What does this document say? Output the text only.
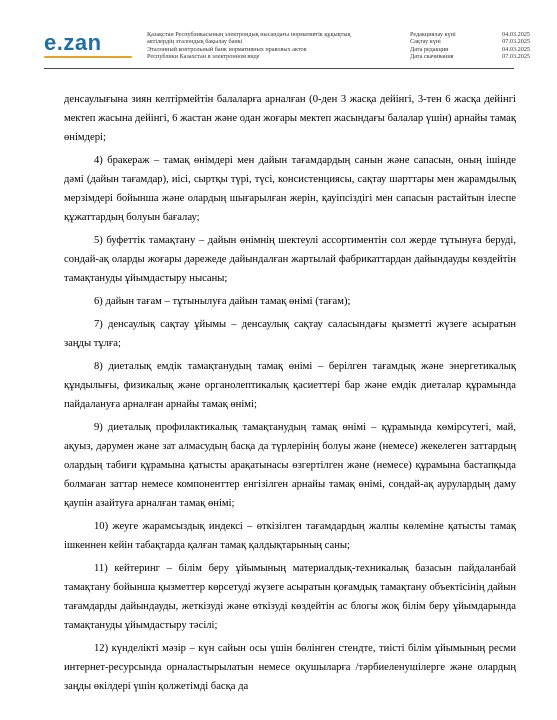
e.zan	Қазақстан Республикасының электрондық нысандағы нормативтік құқықтық
актілердің эталондық бақылау банкі
Эталонный контрольный банк нормативных правовых актов
Республики Казахстан в электронном виде
Редакциялау күні	04.03.2025
Сақтау күні	07.03.2025
Дата редакции	04.03.2025
Дата скачивания	07.03.2025

денсаулығына зиян келтірмейтін балаларға арналған (0-ден 3 жасқа дейінгі, 3-тен 6 жасқа дейінгі мектеп жасына дейінгі, 6 жастан және одан жоғары мектеп жасындағы балалар үшін) арнайы тамақ өнімдері;

4) бракераж – тамақ өнімдері мен дайын тағамдардың санын және сапасын, оның ішінде дәмі (дайын тағамдар), иісі, сыртқы түрі, түсі, консистенциясы, сақтау шарттары мен жарамдылық мерзімдері бойынша және олардың шығарылған жерін, қауіпсіздігі мен сапасын растайтын ілеспе құжаттардың болуын бағалау;

5) буфеттік тамақтану – дайын өнімнің шектеулі ассортиментін сол жерде тұтынуға беруді, сондай-ақ оларды жоғары дәрежеде дайындалған жартылай фабрикаттардан дайындауды көздейтін тамақтануды ұйымдастыру нысаны;

6) дайын тағам – тұтынылуға дайын тамақ өнімі (тағам);

7) денсаулық сақтау ұйымы – денсаулық сақтау саласындағы қызметті жүзеге асыратын заңды тұлға;

8) диеталық емдік тамақтанудың тамақ өнімі – берілген тағамдық және энергетикалық құндылығы, физикалық және органолептикалық қасиеттері бар және емдік диеталар құрамында пайдалануға арналған арнайы тамақ өнімі;

9) диеталық профилактикалық тамақтанудың тамақ өнімі – құрамында көмірсутегі, май, ақуыз, дәрумен және зат алмасудың басқа да түрлерінің болуы және (немесе) жекелеген заттардың олардың табиғи құрамына қатысты арақатынасы өзгертілген және (немесе) құрамына бастапқыда болмаған заттар немесе компоненттер енгізілген арнайы тамақ өнімі, сондай-ақ аурулардың даму қаупін азайтуға арналған тамақ өнімі;

10) жеуге жарамсыздық индексі – өткізілген тағамдардың жалпы көлеміне қатысты тамақ ішкеннен кейін табақтарда қалған тамақ қалдықтарының саны;

11) кейтеринг – білім беру ұйымының материалдық-техникалық базасын пайдаланбай тамақтану бойынша қызметтер көрсетуді жүзеге асыратын қоғамдық тамақтану объектісінің дайын тағамдарды дайындауды, жеткізуді және өткізуді көздейтін ас блогы жоқ білім беру ұйымдарында тамақтануды ұйымдастыру тәсілі;

12) күнделікті мәзір – күн сайын осы үшін бөлінген стендте, тиісті білім ұйымының ресми интернет-ресурсында орналастырылатын немесе оқушыларға /тәрбиеленушілерге және олардың заңды өкілдері үшін қолжетімді басқа да
